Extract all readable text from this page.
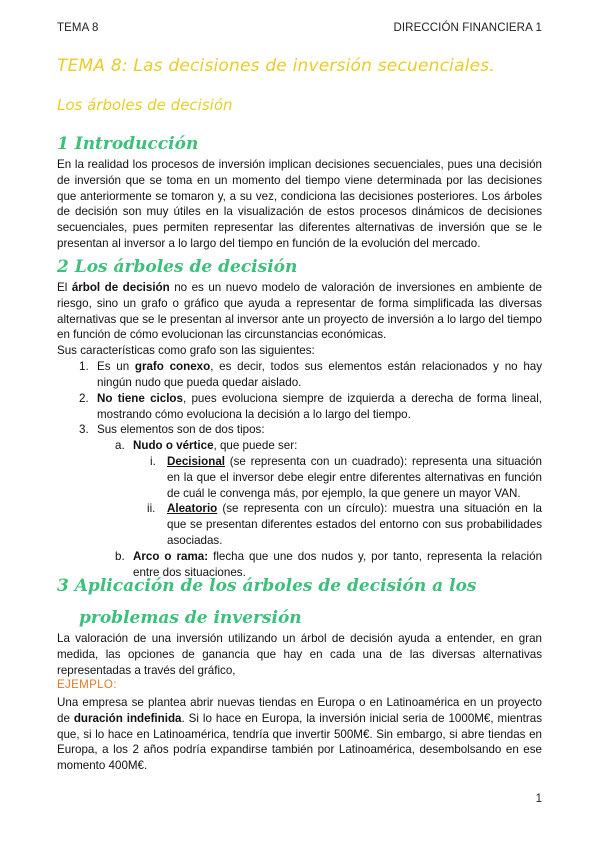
TEMA 8	DIRECCIÓN FINANCIERA 1
TEMA 8: Las decisiones de inversión secuenciales.
Los árboles de decisión
1 Introducción

En la realidad los procesos de inversión implican decisiones secuenciales, pues una decisión de inversión que se toma en un momento del tiempo viene determinada por las decisiones que anteriormente se tomaron y, a su vez, condiciona las decisiones posteriores. Los árboles de decisión son muy útiles en la visualización de estos procesos dinámicos de decisiones secuenciales, pues permiten representar las diferentes alternativas de inversión que se le presentan al inversor a lo largo del tiempo en función de la evolución del mercado.

2 Los árboles de decisión

El árbol de decisión no es un nuevo modelo de valoración de inversiones en ambiente de riesgo, sino un grafo o gráfico que ayuda a representar de forma simplificada las diversas alternativas que se le presentan al inversor ante un proyecto de inversión a lo largo del tiempo en función de cómo evolucionan las circunstancias económicas.

Sus características como grafo son las siguientes:

1. Es un grafo conexo, es decir, todos sus elementos están relacionados y no hay ningún nudo que pueda quedar aislado.

2. No tiene ciclos, pues evoluciona siempre de izquierda a derecha de forma lineal, mostrando cómo evoluciona la decisión a lo largo del tiempo.

3. Sus elementos son de dos tipos:

a. Nudo o vértice, que puede ser:

i. Decisional (se representa con un cuadrado): representa una situación en la que el inversor debe elegir entre diferentes alternativas en función de cuál le convenga más, por ejemplo, la que genere un mayor VAN.

ii. Aleatorio (se representa con un círculo): muestra una situación en la que se presentan diferentes estados del entorno con sus probabilidades asociadas.

b. Arco o rama: flecha que une dos nudos y, por tanto, representa la relación entre dos situaciones.

3 Aplicación de los árboles de decisión a los
problemas de inversión

La valoración de una inversión utilizando un árbol de decisión ayuda a entender, en gran medida, las opciones de ganancia que hay en cada una de las diversas alternativas representadas a través del gráfico,

EJEMPLO:

Una empresa se plantea abrir nuevas tiendas en Europa o en Latinoamérica en un proyecto de duración indefinida. Si lo hace en Europa, la inversión inicial seria de 1000M€, mientras que, si lo hace en Latinoamérica, tendría que invertir 500M€. Sin embargo, si abre tiendas en Europa, a los 2 años podría expandirse también por Latinoamérica, desembolsando en ese momento 400M€.

1
